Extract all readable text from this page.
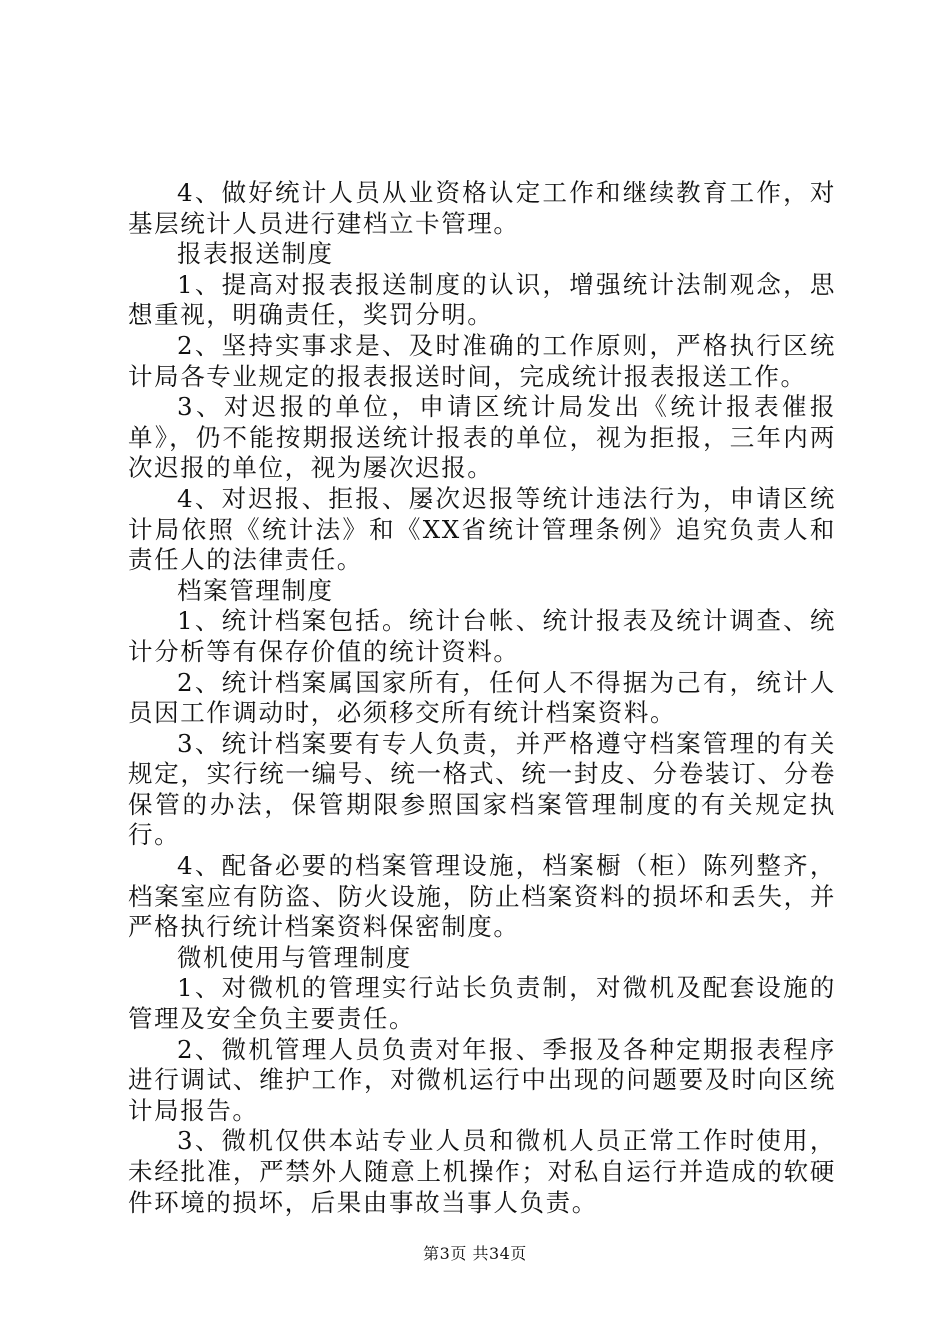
4、做好统计人员从业资格认定工作和继续教育工作，对基层统计人员进行建档立卡管理。

报表报送制度

1、提高对报表报送制度的认识，增强统计法制观念，思想重视，明确责任，奖罚分明。

2、坚持实事求是、及时准确的工作原则，严格执行区统计局各专业规定的报表报送时间，完成统计报表报送工作。

3、对迟报的单位，申请区统计局发出《统计报表催报单》，仍不能按期报送统计报表的单位，视为拒报，三年内两次迟报的单位，视为屡次迟报。

4、对迟报、拒报、屡次迟报等统计违法行为，申请区统计局依照《统计法》和《XX省统计管理条例》追究负责人和责任人的法律责任。

档案管理制度

1、统计档案包括。统计台帐、统计报表及统计调查、统计分析等有保存价值的统计资料。

2、统计档案属国家所有，任何人不得据为己有，统计人员因工作调动时，必须移交所有统计档案资料。

3、统计档案要有专人负责，并严格遵守档案管理的有关规定，实行统一编号、统一格式、统一封皮、分卷装订、分卷保管的办法，保管期限参照国家档案管理制度的有关规定执行。

4、配备必要的档案管理设施，档案橱（柜）陈列整齐，档案室应有防盗、防火设施，防止档案资料的损坏和丢失，并严格执行统计档案资料保密制度。

微机使用与管理制度

1、对微机的管理实行站长负责制，对微机及配套设施的管理及安全负主要责任。

2、微机管理人员负责对年报、季报及各种定期报表程序进行调试、维护工作，对微机运行中出现的问题要及时向区统计局报告。

3、微机仅供本站专业人员和微机人员正常工作时使用，未经批准，严禁外人随意上机操作；对私自运行并造成的软硬件环境的损坏，后果由事故当事人负责。

第3页 共34页
